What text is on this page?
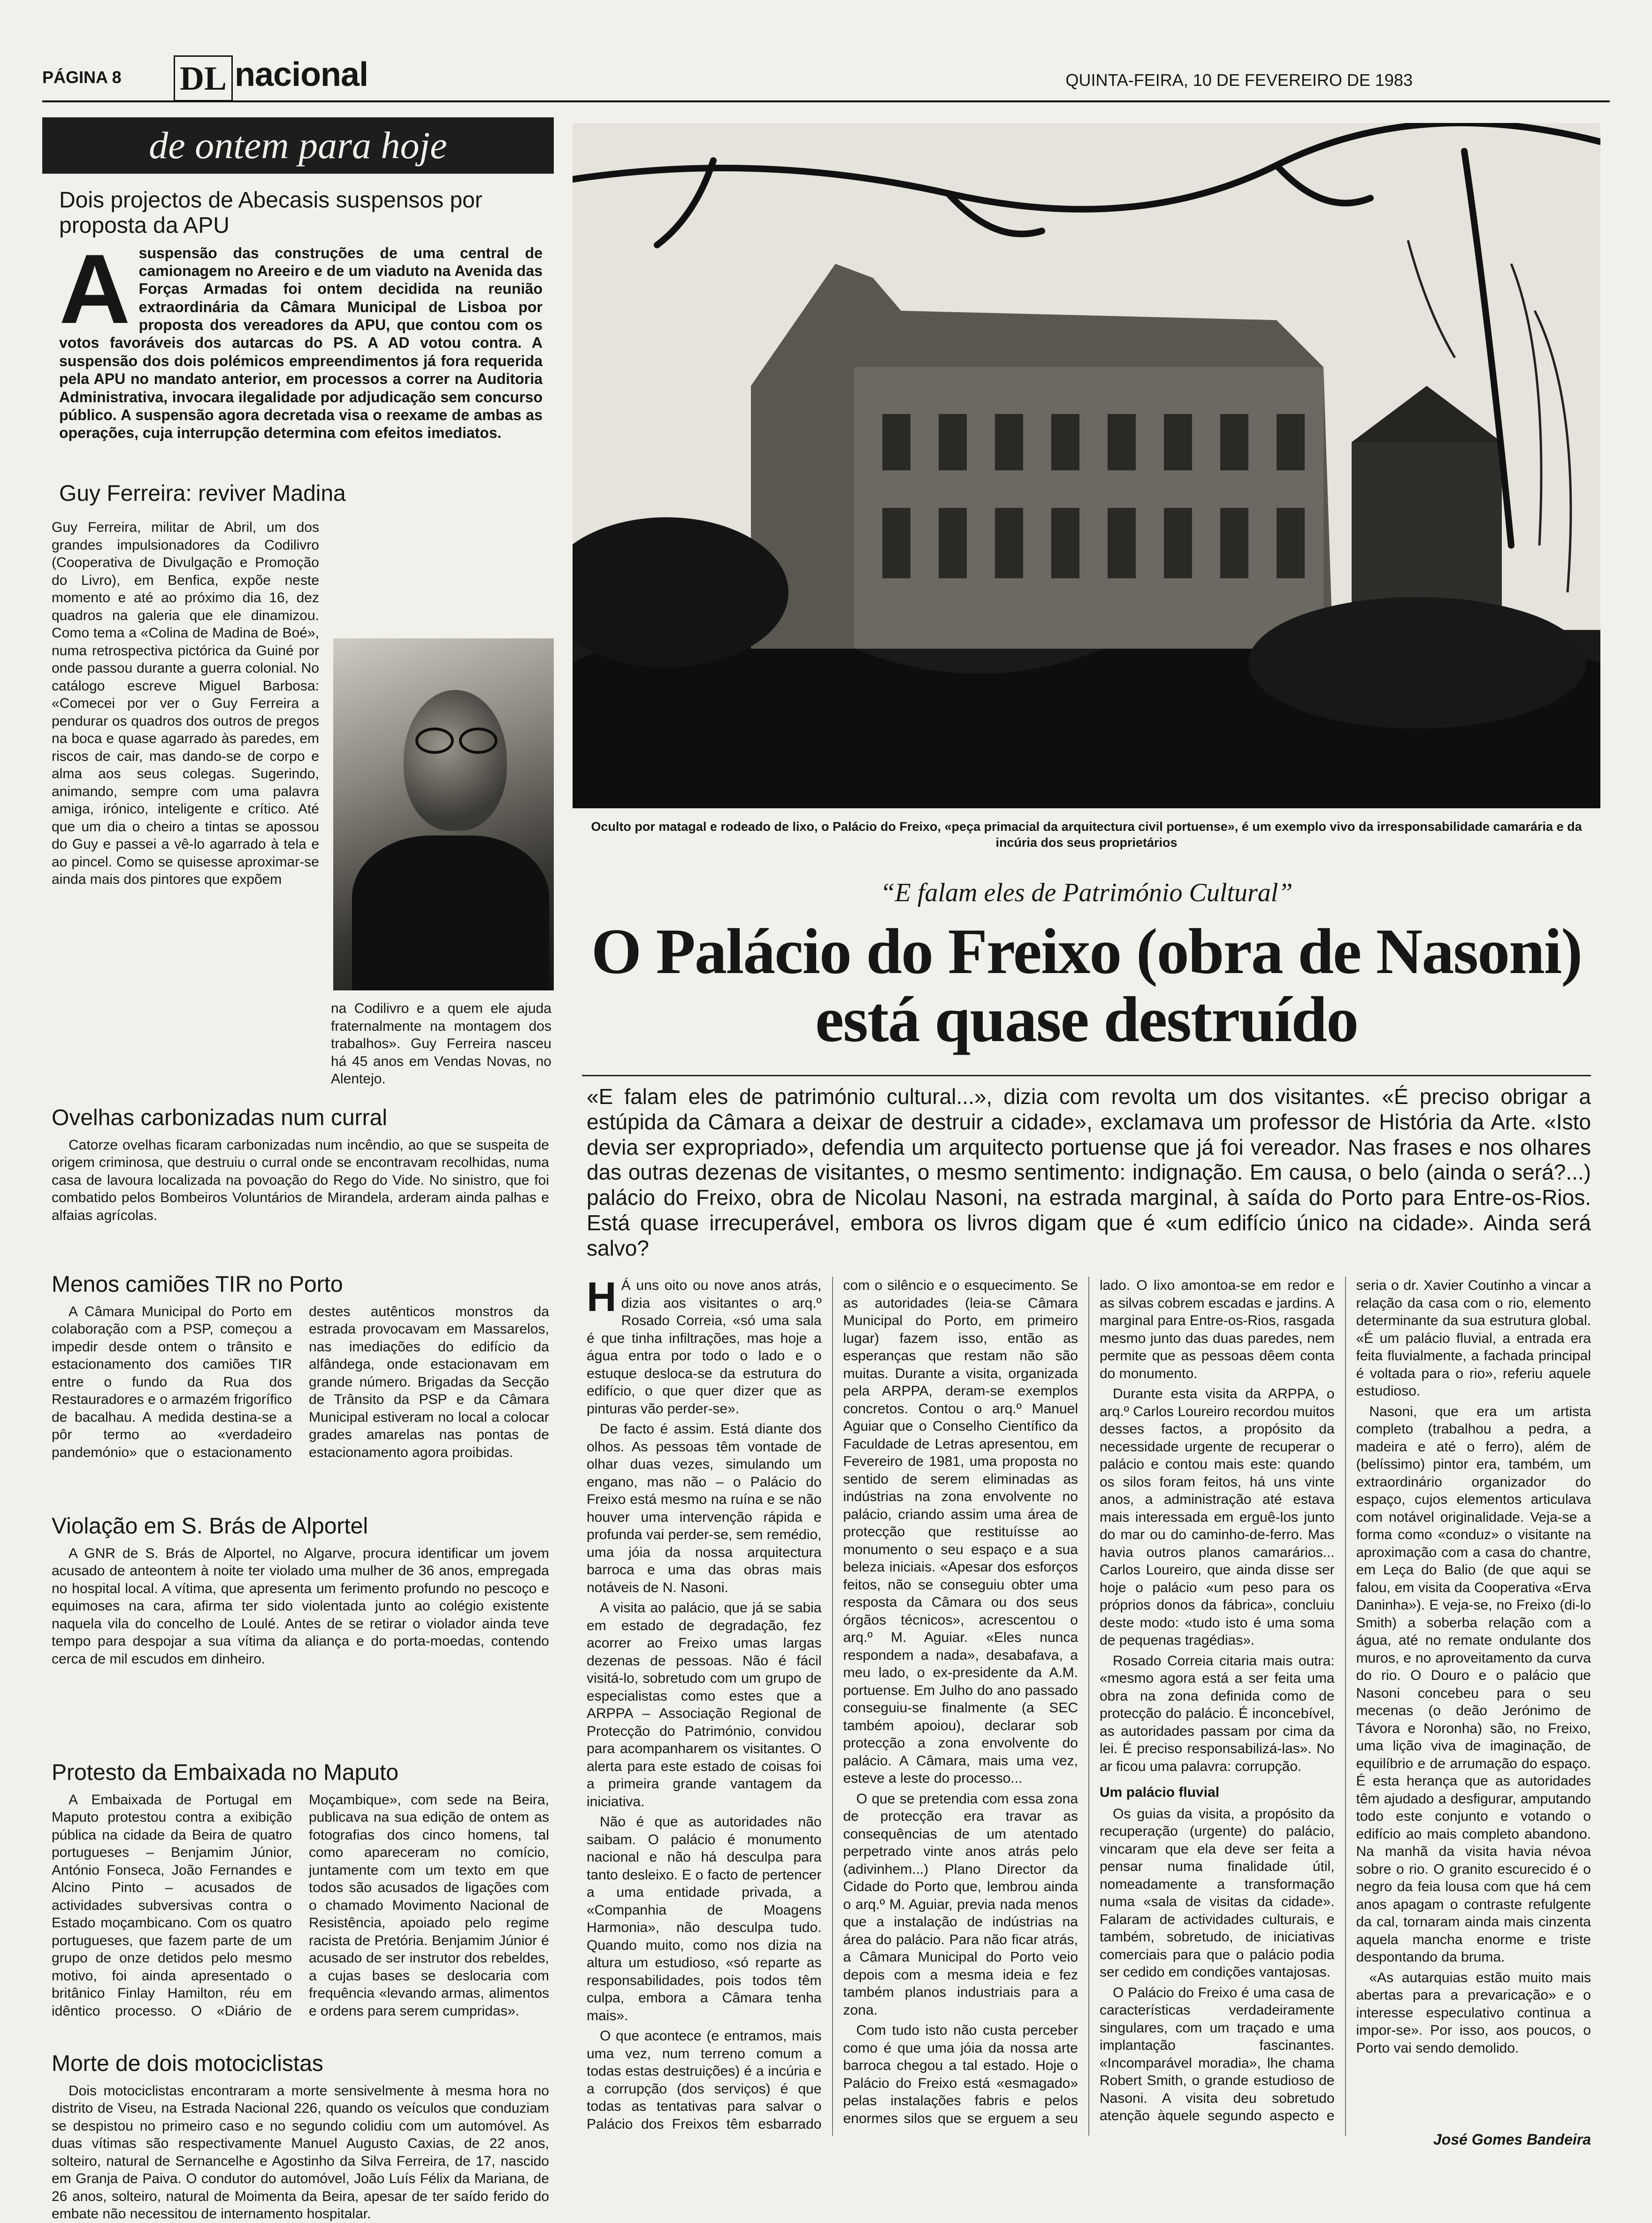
PÁGINA 8 DL nacional	QUINTA-FEIRA, 10 DE FEVEREIRO DE 1983
de ontem para hoje
Dois projectos de Abecasis suspensos por proposta da APU
Asuspensão das construções de uma central de camionagem no Areeiro e de um viaduto na Avenida das Forças Armadas foi ontem decidida na reunião extraordinária da Câmara Municipal de Lisboa por proposta dos vereadores da APU, que contou com os votos favoráveis dos autarcas do PS. A AD votou contra. A suspensão dos dois polémicos empreendimentos já fora requerida pela APU no mandato anterior, em processos a correr na Auditoria Administrativa, invocara ilegalidade por adjudicação sem concurso público. A suspensão agora decretada visa o reexame de ambas as operações, cuja interrupção determina com efeitos imediatos.
Guy Ferreira: reviver Madina
Guy Ferreira, militar de Abril, um dos grandes impulsionadores da Codilivro (Cooperativa de Divulgação e Promoção do Livro), em Benfica, expõe neste momento e até ao próximo dia 16, dez quadros na galeria que ele dinamizou. Como tema a «Colina de Madina de Boé», numa retrospectiva pictórica da Guiné por onde passou durante a guerra colonial. No catálogo escreve Miguel Barbosa: «Comecei por ver o Guy Ferreira a pendurar os quadros dos outros de pregos na boca e quase agarrado às paredes, em riscos de cair, mas dando-se de corpo e alma aos seus colegas. Sugerindo, animando, sempre com uma palavra amiga, irónico, inteligente e crítico. Até que um dia o cheiro a tintas se apossou do Guy e passei a vê-lo agarrado à tela e ao pincel. Como se quisesse aproximar-se ainda mais dos pintores que expõem
na Codilivro e a quem ele ajuda fraternalmente na montagem dos trabalhos». Guy Ferreira nasceu há 45 anos em Vendas Novas, no Alentejo.
Ovelhas carbonizadas num curral

Catorze ovelhas ficaram carbonizadas num incêndio, ao que se suspeita de origem criminosa, que destruiu o curral onde se encontravam recolhidas, numa casa de lavoura localizada na povoação do Rego do Vide. No sinistro, que foi combatido pelos Bombeiros Voluntários de Mirandela, arderam ainda palhas e alfaias agrícolas.

Menos camiões TIR no Porto
A Câmara Municipal do Porto em colaboração com a PSP, começou a impedir desde ontem o trânsito e estacionamento dos camiões TIR entre o fundo da Rua dos Restauradores e o armazém frigorífico de bacalhau. A medida destina-se a pôr termo ao «verdadeiro pandemónio» que o estacionamento destes autênticos monstros da estrada provocavam em Massarelos, nas imediações do edifício da alfândega, onde estacionavam em grande número. Brigadas da Secção de Trânsito da PSP e da Câmara Municipal estiveram no local a colocar grades amarelas nas pontas de estacionamento agora proibidas.
Violação em S. Brás de Alportel

A GNR de S. Brás de Alportel, no Algarve, procura identificar um jovem acusado de anteontem à noite ter violado uma mulher de 36 anos, empregada no hospital local. A vítima, que apresenta um ferimento profundo no pescoço e equimoses na cara, afirma ter sido violentada junto ao colégio existente naquela vila do concelho de Loulé. Antes de se retirar o violador ainda teve tempo para despojar a sua vítima da aliança e do porta-moedas, contendo cerca de mil escudos em dinheiro.

Protesto da Embaixada no Maputo
A Embaixada de Portugal em Maputo protestou contra a exibição pública na cidade da Beira de quatro portugueses – Benjamim Júnior, António Fonseca, João Fernandes e Alcino Pinto – acusados de actividades subversivas contra o Estado moçambicano. Com os quatro portugueses, que fazem parte de um grupo de onze detidos pelo mesmo motivo, foi ainda apresentado o britânico Finlay Hamilton, réu em idêntico processo. O «Diário de Moçambique», com sede na Beira, publicava na sua edição de ontem as fotografias dos cinco homens, tal como apareceram no comício, juntamente com um texto em que todos são acusados de ligações com o chamado Movimento Nacional de Resistência, apoiado pelo regime racista de Pretória. Benjamim Júnior é acusado de ser instrutor dos rebeldes, a cujas bases se deslocaria com frequência «levando armas, alimentos e ordens para serem cumpridas».
Morte de dois motociclistas

Dois motociclistas encontraram a morte sensivelmente à mesma hora no distrito de Viseu, na Estrada Nacional 226, quando os veículos que conduziam se despistou no primeiro caso e no segundo colidiu com um automóvel. As duas vítimas são respectivamente Manuel Augusto Caxias, de 22 anos, solteiro, natural de Sernancelhe e Agostinho da Silva Ferreira, de 17, nascido em Granja de Paiva. O condutor do automóvel, João Luís Félix da Mariana, de 26 anos, solteiro, natural de Moimenta da Beira, apesar de ter saído ferido do embate não necessitou de internamento hospitalar.

Oculto por matagal e rodeado de lixo, o Palácio do Freixo, «peça primacial da arquitectura civil portuense», é um exemplo vivo da irresponsabilidade camarária e da incúria dos seus proprietários
“E falam eles de Património Cultural”
O Palácio do Freixo (obra de Nasoni)
está quase destruído
«E falam eles de património cultural...», dizia com revolta um dos visitantes. «É preciso obrigar a estúpida da Câmara a deixar de destruir a cidade», exclamava um professor de História da Arte. «Isto devia ser expropriado», defendia um arquitecto portuense que já foi vereador. Nas frases e nos olhares das outras dezenas de visitantes, o mesmo sentimento: indignação. Em causa, o belo (ainda o será?...) palácio do Freixo, obra de Nicolau Nasoni, na estrada marginal, à saída do Porto para Entre-os-Rios. Está quase irrecuperável, embora os livros digam que é «um edifício único na cidade». Ainda será salvo?

H Á uns oito ou nove anos atrás, dizia aos visitantes o arq.º Rosado Correia, «só uma sala é que tinha infiltrações, mas hoje a água entra por todo o lado e o estuque desloca-se da estrutura do edifício, o que quer dizer que as pinturas vão perder-se».

De facto é assim. Está diante dos olhos. As pessoas têm vontade de olhar duas vezes, simulando um engano, mas não – o Palácio do Freixo está mesmo na ruína e se não houver uma intervenção rápida e profunda vai perder-se, sem remédio, uma jóia da nossa arquitectura barroca e uma das obras mais notáveis de N. Nasoni.

A visita ao palácio, que já se sabia em estado de degradação, fez acorrer ao Freixo umas largas dezenas de pessoas. Não é fácil visitá-lo, sobretudo com um grupo de especialistas como estes que a ARPPA – Associação Regional de Protecção do Património, convidou para acompanharem os visitantes. O alerta para este estado de coisas foi a primeira grande vantagem da iniciativa.

Não é que as autoridades não saibam. O palácio é monumento nacional e não há desculpa para tanto desleixo. E o facto de pertencer a uma entidade privada, a «Companhia de Moagens Harmonia», não desculpa tudo. Quando muito, como nos dizia na altura um estudioso, «só reparte as responsabilidades, pois todos têm culpa, embora a Câmara tenha mais».

O que acontece (e entramos, mais uma vez, num terreno comum a todas estas destruições) é a incúria e a corrupção (dos serviços) é que todas as tentativas para salvar o Palácio dos Freixos têm esbarrado com o silêncio e o esquecimento. Se as autoridades (leia-se Câmara Municipal do Porto, em primeiro lugar) fazem isso, então as esperanças que restam não são muitas. Durante a visita, organizada pela ARPPA, deram-se exemplos concretos. Contou o arq.º Manuel Aguiar que o Conselho Científico da Faculdade de Letras apresentou, em Fevereiro de 1981, uma proposta no sentido de serem eliminadas as indústrias na zona envolvente no palácio, criando assim uma área de protecção que restituísse ao monumento o seu espaço e a sua beleza iniciais. «Apesar dos esforços feitos, não se conseguiu obter uma resposta da Câmara ou dos seus órgãos técnicos», acrescentou o arq.º M. Aguiar. «Eles nunca respondem a nada», desabafava, a meu lado, o ex-presidente da A.M. portuense. Em Julho do ano passado conseguiu-se finalmente (a SEC também apoiou), declarar sob protecção a zona envolvente do palácio. A Câmara, mais uma vez, esteve a leste do processo...

O que se pretendia com essa zona de protecção era travar as consequências de um atentado perpetrado vinte anos atrás pelo (adivinhem...) Plano Director da Cidade do Porto que, lembrou ainda o arq.º M. Aguiar, previa nada menos que a instalação de indústrias na área do palácio. Para não ficar atrás, a Câmara Municipal do Porto veio depois com a mesma ideia e fez também planos industriais para a zona.

Com tudo isto não custa perceber como é que uma jóia da nossa arte barroca chegou a tal estado. Hoje o Palácio do Freixo está «esmagado» pelas instalações fabris e pelos enormes silos que se erguem a seu lado. O lixo amontoa-se em redor e as silvas cobrem escadas e jardins. A marginal para Entre-os-Rios, rasgada mesmo junto das duas paredes, nem permite que as pessoas dêem conta do monumento.

Durante esta visita da ARPPA, o arq.º Carlos Loureiro recordou muitos desses factos, a propósito da necessidade urgente de recuperar o palácio e contou mais este: quando os silos foram feitos, há uns vinte anos, a administração até estava mais interessada em erguê-los junto do mar ou do caminho-de-ferro. Mas havia outros planos camarários... Carlos Loureiro, que ainda disse ser hoje o palácio «um peso para os próprios donos da fábrica», concluiu deste modo: «tudo isto é uma soma de pequenas tragédias».

Rosado Correia citaria mais outra: «mesmo agora está a ser feita uma obra na zona definida como de protecção do palácio. É inconcebível, as autoridades passam por cima da lei. É preciso responsabilizá-las». No ar ficou uma palavra: corrupção.

Um palácio fluvial

Os guias da visita, a propósito da recuperação (urgente) do palácio, vincaram que ela deve ser feita a pensar numa finalidade útil, nomeadamente a transformação numa «sala de visitas da cidade». Falaram de actividades culturais, e também, sobretudo, de iniciativas comerciais para que o palácio podia ser cedido em condições vantajosas.

O Palácio do Freixo é uma casa de características verdadeiramente singulares, com um traçado e uma implantação fascinantes. «Incomparável moradia», lhe chama Robert Smith, o grande estudioso de Nasoni. A visita deu sobretudo atenção àquele segundo aspecto e seria o dr. Xavier Coutinho a vincar a relação da casa com o rio, elemento determinante da sua estrutura global. «É um palácio fluvial, a entrada era feita fluvialmente, a fachada principal é voltada para o rio», referiu aquele estudioso.

Nasoni, que era um artista completo (trabalhou a pedra, a madeira e até o ferro), além de (belíssimo) pintor era, também, um extraordinário organizador do espaço, cujos elementos articulava com notável originalidade. Veja-se a forma como «conduz» o visitante na aproximação com a casa do chantre, em Leça do Balio (de que aqui se falou, em visita da Cooperativa «Erva Daninha»). E veja-se, no Freixo (di-lo Smith) a soberba relação com a água, até no remate ondulante dos muros, e no aproveitamento da curva do rio. O Douro e o palácio que Nasoni concebeu para o seu mecenas (o deão Jerónimo de Távora e Noronha) são, no Freixo, uma lição viva de imaginação, de equilíbrio e de arrumação do espaço. É esta herança que as autoridades têm ajudado a desfigurar, amputando todo este conjunto e votando o edifício ao mais completo abandono. Na manhã da visita havia névoa sobre o rio. O granito escurecido é o negro da feia lousa com que há cem anos apagam o contraste refulgente da cal, tornaram ainda mais cinzenta aquela mancha enorme e triste despontando da bruma.

«As autarquias estão muito mais abertas para a prevaricação» e o interesse especulativo continua a impor-se». Por isso, aos poucos, o Porto vai sendo demolido.

José Gomes Bandeira
